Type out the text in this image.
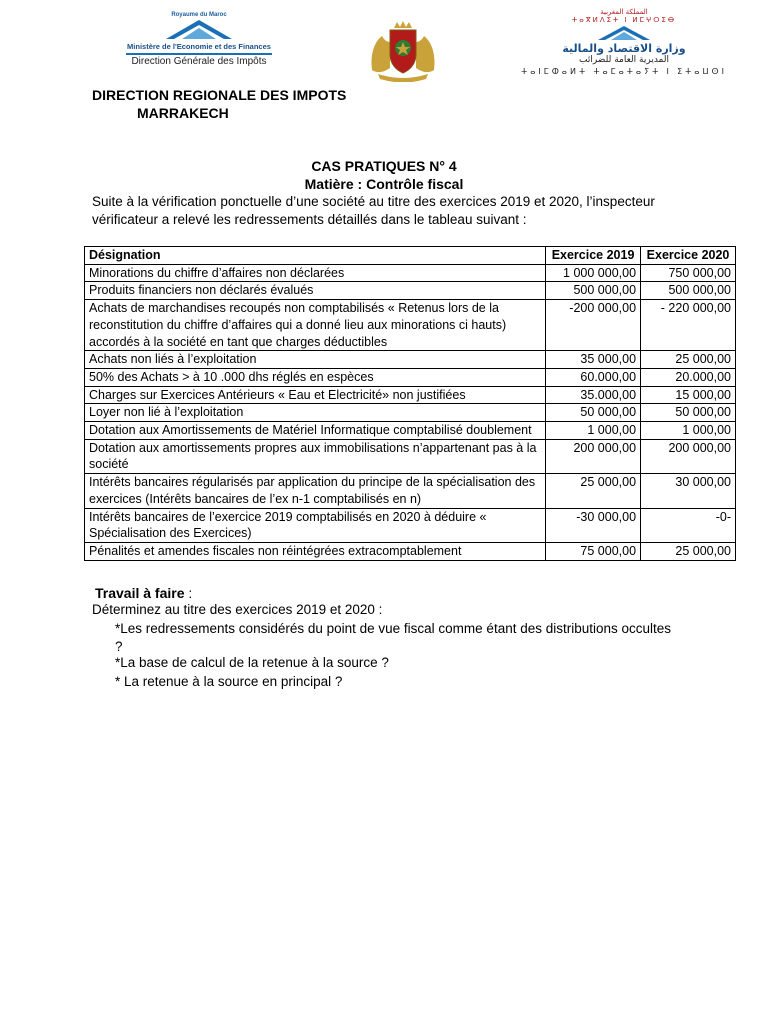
Royaume du Maroc
Ministère de l'Economie et des Finances
Direction Générale des Impôts
المملكة المغربية
ⵜⴰⴳⵍⴷⵉⵜ ⵏ ⵍⵎⵖⵔⵉⴱ
وزارة الاقتصاد والمالية
المديرية العامة للضرائب
ⵜⴰⵏⵎⵀⴰⵍⵜ ⵜⴰⵎⴰⵜⴰⵢⵜ ⵏ ⵉⵜⴰⵡⵙⵏ
DIRECTION REGIONALE DES IMPOTS
MARRAKECH
CAS PRATIQUES N° 4
Matière : Contrôle fiscal
Suite à la vérification ponctuelle d’une société au titre des exercices 2019 et 2020, l’inspecteur vérificateur a relevé les redressements détaillés dans le tableau suivant :
Désignation	Exercice 2019	Exercice 2020
Minorations du chiffre d’affaires non déclarées	1 000 000,00	750 000,00
Produits financiers non déclarés évalués	500 000,00	500 000,00
Achats de marchandises recoupés non comptabilisés « Retenus lors de la reconstitution du chiffre d’affaires qui a donné lieu aux minorations ci hauts) accordés à la société en tant que charges déductibles	-200 000,00	- 220 000,00
Achats non liés à l’exploitation	35 000,00	25 000,00
50% des Achats > à 10 .000 dhs réglés en espèces	60.000,00	20.000,00
Charges sur Exercices Antérieurs « Eau et Electricité» non justifiées	35.000,00	15 000,00
Loyer non lié à l’exploitation	50 000,00	50 000,00
Dotation aux Amortissements de Matériel Informatique comptabilisé doublement	1 000,00	1 000,00
Dotation aux amortissements propres aux immobilisations n’appartenant pas à la société	200 000,00	200 000,00
Intérêts bancaires régularisés par application du principe de la spécialisation des exercices (Intérêts bancaires de l’ex n-1 comptabilisés en n)	25 000,00	30 000,00
Intérêts bancaires de l’exercice 2019 comptabilisés en 2020 à déduire « Spécialisation des Exercices)	-30 000,00	-0-
Pénalités et amendes fiscales non réintégrées extracomptablement	75 000,00	25 000,00
Travail à faire :
Déterminez au titre des exercices 2019 et 2020 :
*Les redressements considérés du point de vue fiscal comme étant des distributions occultes ?
*La base de calcul de la retenue à la source ?
* La retenue à la source en principal ?
